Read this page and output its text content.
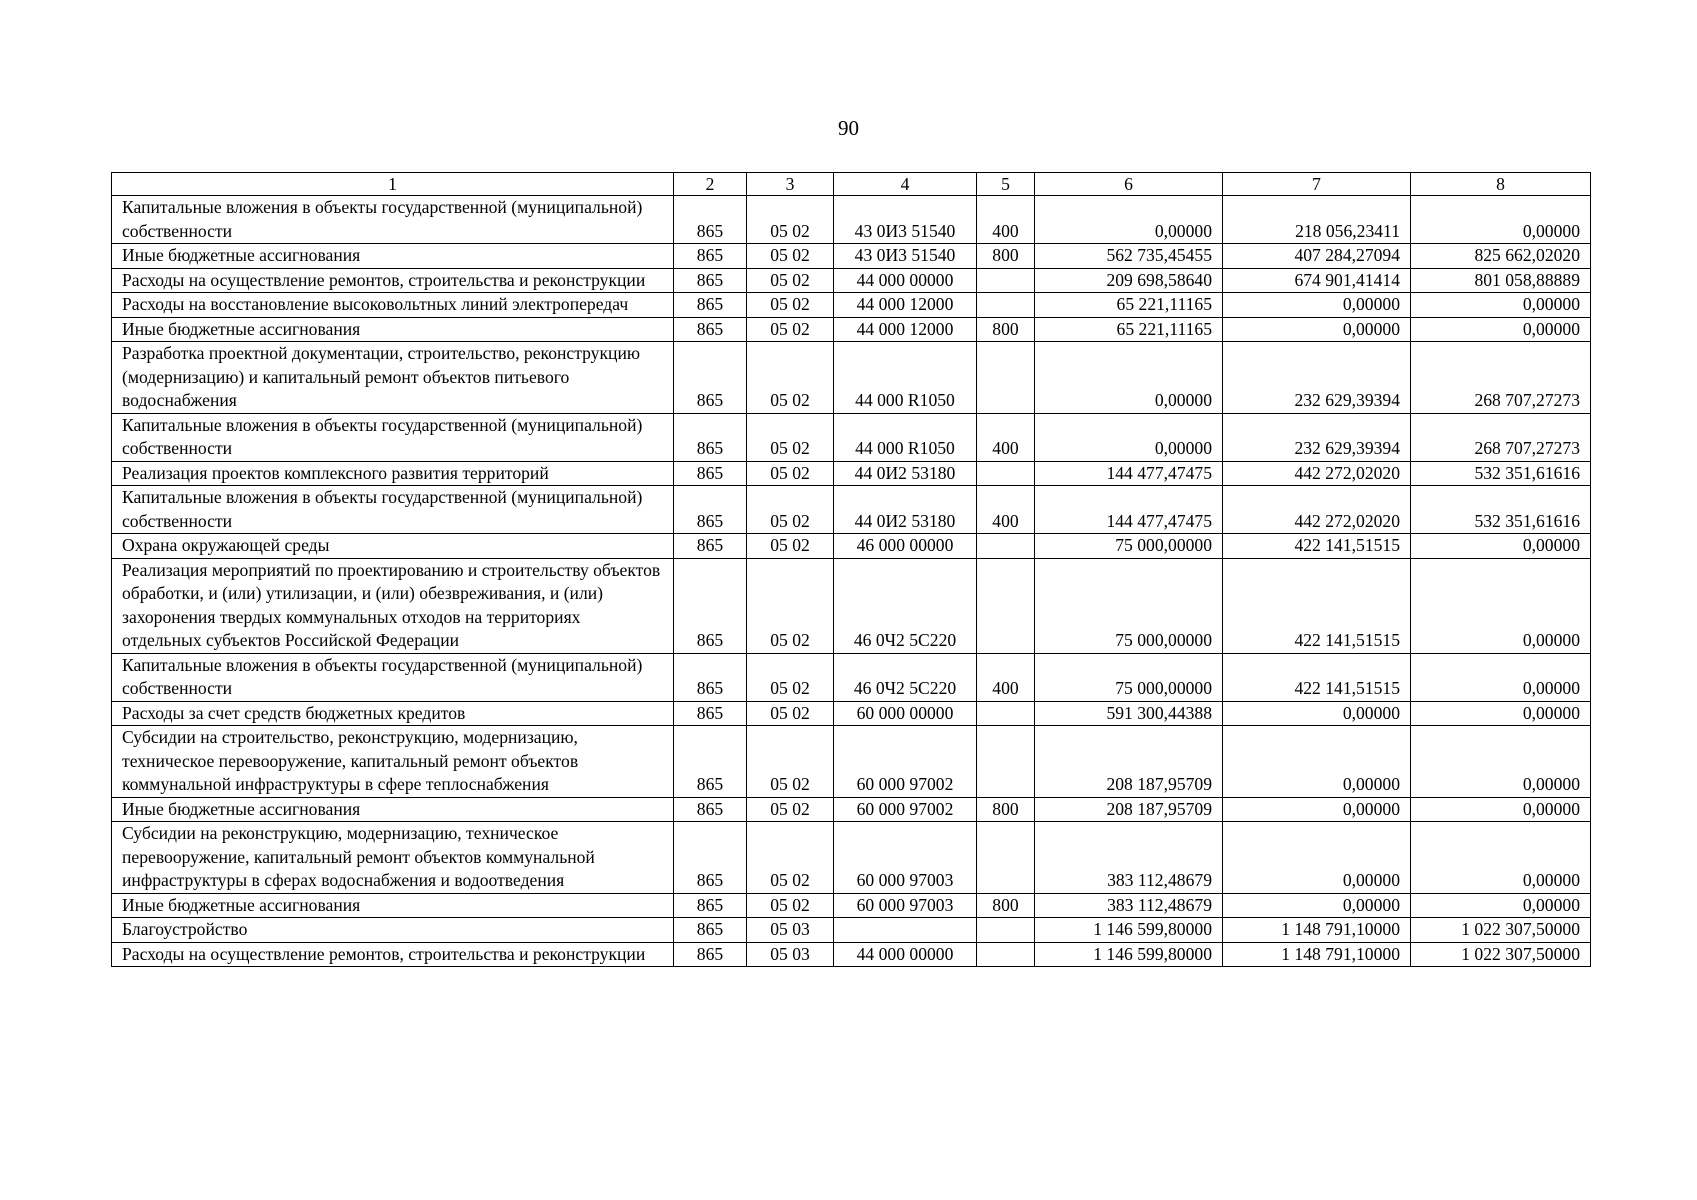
90
1	2	3	4	5	6	7	8
Капитальные вложения в объекты государственной (муниципальной) собственности	865	05 02	43 0И3 51540	400	0,00000	218 056,23411	0,00000
Иные бюджетные ассигнования	865	05 02	43 0И3 51540	800	562 735,45455	407 284,27094	825 662,02020
Расходы на осуществление ремонтов, строительства и реконструкции	865	05 02	44 000 00000		209 698,58640	674 901,41414	801 058,88889
Расходы на восстановление высоковольтных линий электропередач	865	05 02	44 000 12000		65 221,11165	0,00000	0,00000
Иные бюджетные ассигнования	865	05 02	44 000 12000	800	65 221,11165	0,00000	0,00000
Разработка проектной документации, строительство, реконструкцию (модернизацию) и капитальный ремонт объектов питьевого водоснабжения	865	05 02	44 000 R1050		0,00000	232 629,39394	268 707,27273
Капитальные вложения в объекты государственной (муниципальной) собственности	865	05 02	44 000 R1050	400	0,00000	232 629,39394	268 707,27273
Реализация проектов комплексного развития территорий	865	05 02	44 0И2 53180		144 477,47475	442 272,02020	532 351,61616
Капитальные вложения в объекты государственной (муниципальной) собственности	865	05 02	44 0И2 53180	400	144 477,47475	442 272,02020	532 351,61616
Охрана окружающей среды	865	05 02	46 000 00000		75 000,00000	422 141,51515	0,00000
Реализация мероприятий по проектированию и строительству объектов обработки, и (или) утилизации, и (или) обезвреживания, и (или) захоронения твердых коммунальных отходов на территориях отдельных субъектов Российской Федерации	865	05 02	46 0Ч2 5С220		75 000,00000	422 141,51515	0,00000
Капитальные вложения в объекты государственной (муниципальной) собственности	865	05 02	46 0Ч2 5С220	400	75 000,00000	422 141,51515	0,00000
Расходы за счет средств бюджетных кредитов	865	05 02	60 000 00000		591 300,44388	0,00000	0,00000
Субсидии на строительство, реконструкцию, модернизацию, техническое перевооружение, капитальный ремонт объектов коммунальной инфраструктуры в сфере теплоснабжения	865	05 02	60 000 97002		208 187,95709	0,00000	0,00000
Иные бюджетные ассигнования	865	05 02	60 000 97002	800	208 187,95709	0,00000	0,00000
Субсидии на реконструкцию, модернизацию, техническое перевооружение, капитальный ремонт объектов коммунальной инфраструктуры в сферах водоснабжения и водоотведения	865	05 02	60 000 97003		383 112,48679	0,00000	0,00000
Иные бюджетные ассигнования	865	05 02	60 000 97003	800	383 112,48679	0,00000	0,00000
Благоустройство	865	05 03			1 146 599,80000	1 148 791,10000	1 022 307,50000
Расходы на осуществление ремонтов, строительства и реконструкции	865	05 03	44 000 00000		1 146 599,80000	1 148 791,10000	1 022 307,50000
